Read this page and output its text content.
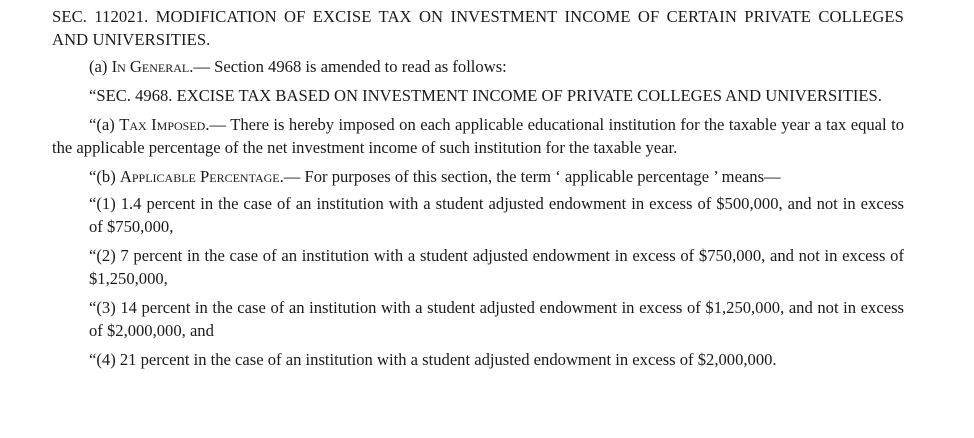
SEC. 112021. MODIFICATION OF EXCISE TAX ON INVESTMENT INCOME OF CERTAIN PRIVATE COLLEGES AND UNIVERSITIES.

(a) In General.— Section 4968 is amended to read as follows:

“SEC. 4968. EXCISE TAX BASED ON INVESTMENT INCOME OF PRIVATE COLLEGES AND UNIVERSITIES.

“(a) Tax Imposed.— There is hereby imposed on each applicable educational institution for the taxable year a tax equal to the applicable percentage of the net investment income of such institution for the taxable year.

“(b) Applicable Percentage.— For purposes of this section, the term ‘ applicable percentage ’ means—

“(1) 1.4 percent in the case of an institution with a student adjusted endowment in excess of $500,000, and not in excess of $750,000,

“(2) 7 percent in the case of an institution with a student adjusted endowment in excess of $750,000, and not in excess of $1,250,000,

“(3) 14 percent in the case of an institution with a student adjusted endowment in excess of $1,250,000, and not in excess of $2,000,000, and

“(4) 21 percent in the case of an institution with a student adjusted endowment in excess of $2,000,000.
